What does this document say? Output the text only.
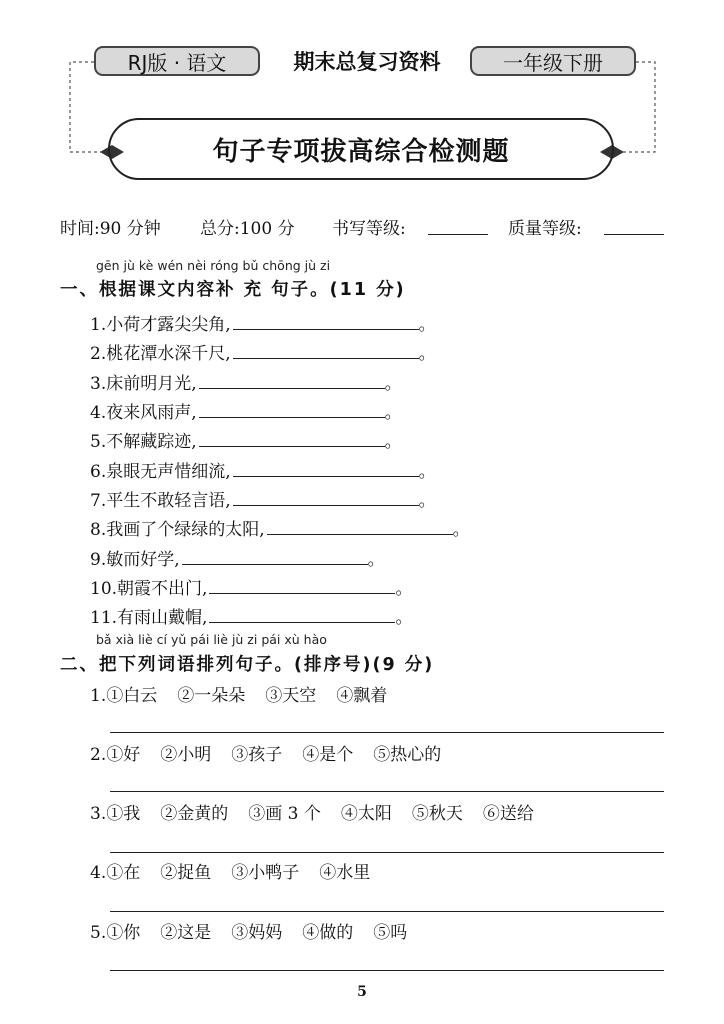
RJ版 · 语文	期末总复习资料	一年级下册
句子专项拔高综合检测题
时间:90 分钟 总分:100 分 书写等级:	质量等级:
gēn jù kè wén nèi róng bǔ chōng jù zi
一、根据课文内容补 充 句子。(11 分)
1.小荷才露尖尖角,	。
2.桃花潭水深千尺,	。
3.床前明月光,	。
4.夜来风雨声,	。
5.不解藏踪迹,	。
6.泉眼无声惜细流,	。
7.平生不敢轻言语,	。
8.我画了个绿绿的太阳,	。
9.敏而好学,	。
10.朝霞不出门,	。
11.有雨山戴帽,	。
bǎ xià liè cí yǔ pái liè jù zi pái xù hào
二、把下列词语排列句子。(排序号)(9 分)
1.①白云 ②一朵朵 ③天空 ④飘着
2.①好 ②小明 ③孩子 ④是个 ⑤热心的
3.①我 ②金黄的 ③画 3 个 ④太阳 ⑤秋天 ⑥送给
4.①在 ②捉鱼 ③小鸭子 ④水里
5.①你 ②这是 ③妈妈 ④做的 ⑤吗
5
